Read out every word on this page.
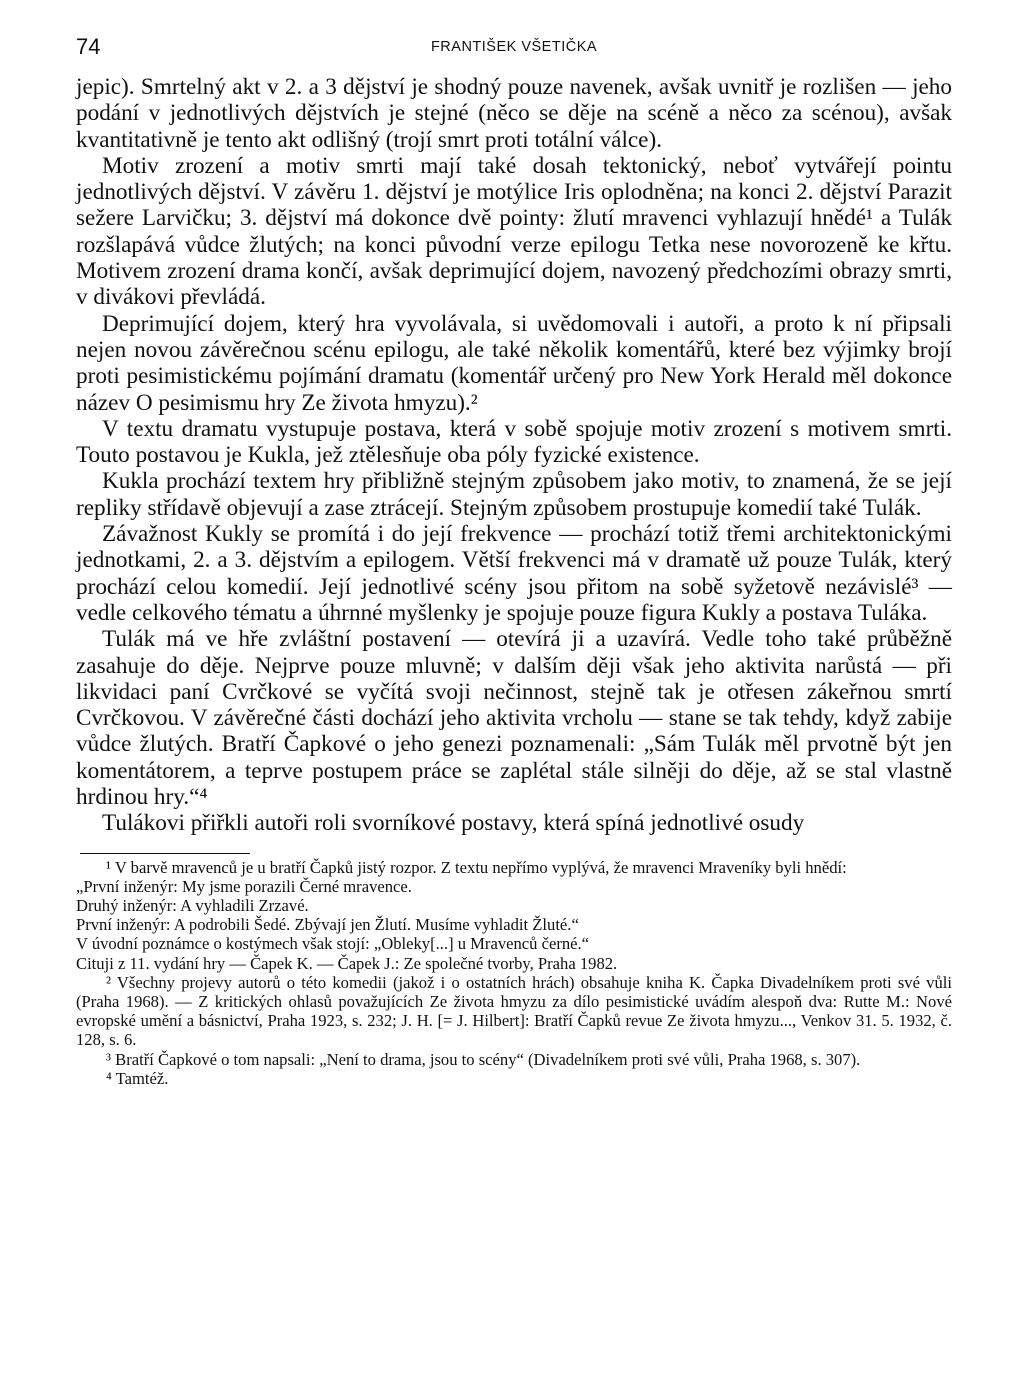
74	FRANTIŠEK VŠETIČKA

jepic). Smrtelný akt v 2. a 3 dějství je shodný pouze navenek, avšak uvnitř je rozlišen — jeho podání v jednotlivých dějstvích je stejné (něco se děje na scéně a něco za scénou), avšak kvantitativně je tento akt odlišný (trojí smrt proti totální válce).

Motiv zrození a motiv smrti mají také dosah tektonický, neboť vytvářejí pointu jednotlivých dějství. V závěru 1. dějství je motýlice Iris oplodněna; na konci 2. dějství Parazit sežere Larvičku; 3. dějství má dokonce dvě pointy: žlutí mravenci vyhlazují hnědé¹ a Tulák rozšlapává vůdce žlutých; na konci původní verze epilogu Tetka nese novorozeně ke křtu. Motivem zrození drama končí, avšak deprimující dojem, navozený předchozími obrazy smrti, v divákovi převládá.

Deprimující dojem, který hra vyvolávala, si uvědomovali i autoři, a proto k ní připsali nejen novou závěrečnou scénu epilogu, ale také několik komentářů, které bez výjimky brojí proti pesimistickému pojímání dramatu (komentář určený pro New York Herald měl dokonce název O pesimismu hry Ze života hmyzu).²

V textu dramatu vystupuje postava, která v sobě spojuje motiv zrození s motivem smrti. Touto postavou je Kukla, jež ztělesňuje oba póly fyzické existence.

Kukla prochází textem hry přibližně stejným způsobem jako motiv, to znamená, že se její repliky střídavě objevují a zase ztrácejí. Stejným způsobem prostupuje komedií také Tulák.

Závažnost Kukly se promítá i do její frekvence — prochází totiž třemi architektonickými jednotkami, 2. a 3. dějstvím a epilogem. Větší frekvenci má v dramatě už pouze Tulák, který prochází celou komedií. Její jednotlivé scény jsou přitom na sobě syžetově nezávislé³ — vedle celkového tématu a úhrnné myšlenky je spojuje pouze figura Kukly a postava Tuláka.

Tulák má ve hře zvláštní postavení — otevírá ji a uzavírá. Vedle toho také průběžně zasahuje do děje. Nejprve pouze mluvně; v dalším ději však jeho aktivita narůstá — při likvidaci paní Cvrčkové se vyčítá svoji nečinnost, stejně tak je otřesen zákeřnou smrtí Cvrčkovou. V závěrečné části dochází jeho aktivita vrcholu — stane se tak tehdy, když zabije vůdce žlutých. Bratří Čapkové o jeho genezi poznamenali: „Sám Tulák měl prvotně být jen komentátorem, a teprve postupem práce se zaplétal stále silněji do děje, až se stal vlastně hrdinou hry.“⁴

Tulákovi přiřkli autoři roli svorníkové postavy, která spíná jednotlivé osudy

¹ V barvě mravenců je u bratří Čapků jistý rozpor. Z textu nepřímo vyplývá, že mravenci Mraveníky byli hnědí:

„První inženýr: My jsme porazili Černé mravence.

Druhý inženýr: A vyhladili Zrzavé.

První inženýr: A podrobili Šedé. Zbývají jen Žlutí. Musíme vyhladit Žluté.“

V úvodní poznámce o kostýmech však stojí: „Obleky[...] u Mravenců černé.“

Cituji z 11. vydání hry — Čapek K. — Čapek J.: Ze společné tvorby, Praha 1982.

² Všechny projevy autorů o této komedii (jakož i o ostatních hrách) obsahuje kniha K. Čapka Divadelníkem proti své vůli (Praha 1968). — Z kritických ohlasů považujících Ze života hmyzu za dílo pesimistické uvádím alespoň dva: Rutte M.: Nové evropské umění a básnictví, Praha 1923, s. 232; J. H. [= J. Hilbert]: Bratří Čapků revue Ze života hmyzu..., Venkov 31. 5. 1932, č. 128, s. 6.

³ Bratří Čapkové o tom napsali: „Není to drama, jsou to scény“ (Divadelníkem proti své vůli, Praha 1968, s. 307).

⁴ Tamtéž.
